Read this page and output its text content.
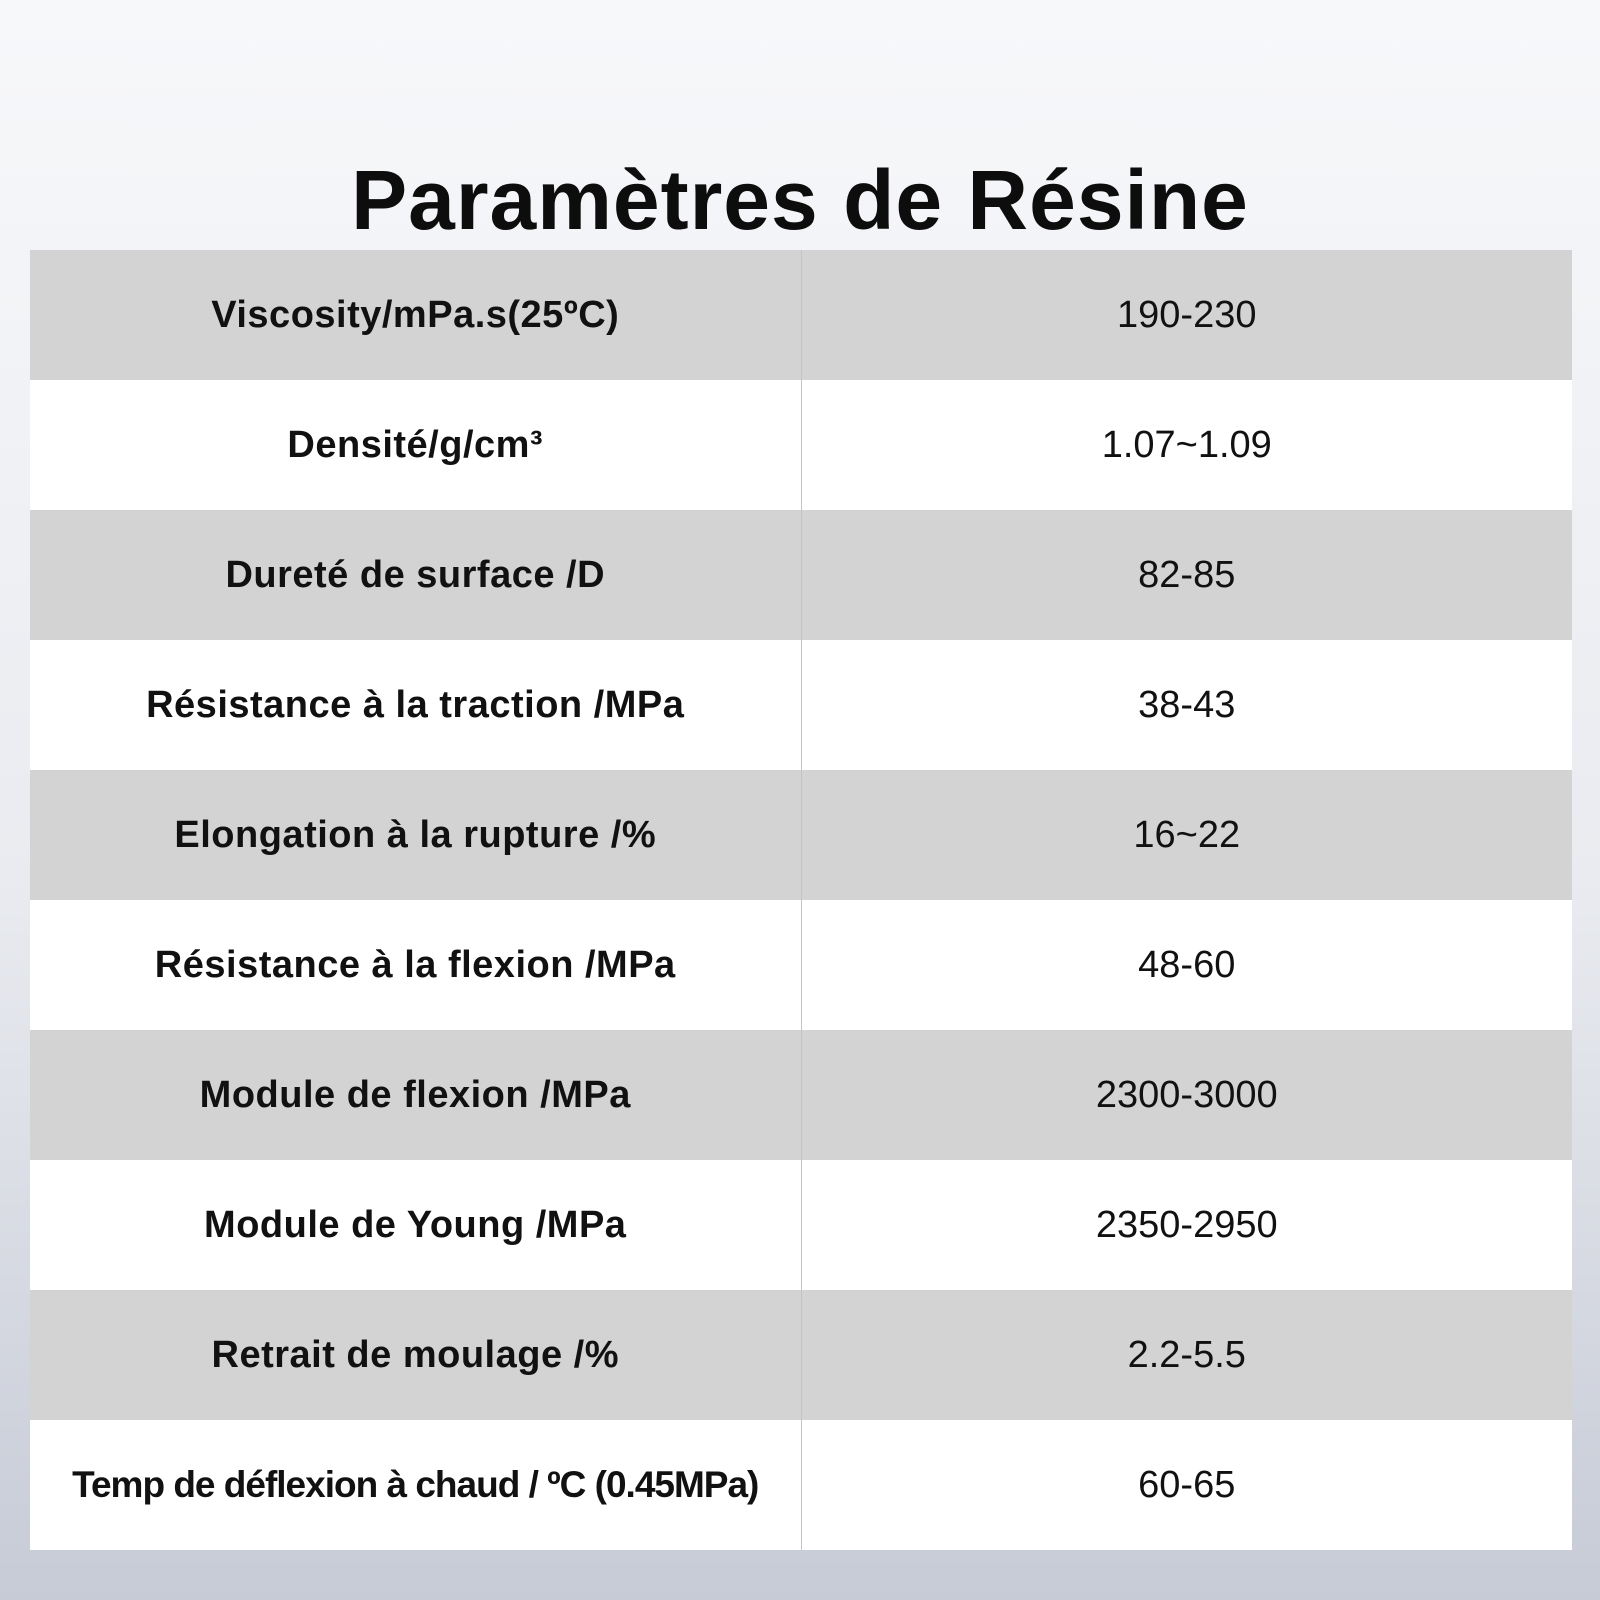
Paramètres de Résine
Viscosity/mPa.s(25ºC)	190-230
Densité/g/cm³	1.07~1.09
Dureté de surface /D	82-85
Résistance à la traction /MPa	38-43
Elongation à la rupture /%	16~22
Résistance à la flexion /MPa	48-60
Module de flexion /MPa	2300-3000
Module de Young /MPa	2350-2950
Retrait de moulage /%	2.2-5.5
Temp de déflexion à chaud / ºC (0.45MPa)	60-65
